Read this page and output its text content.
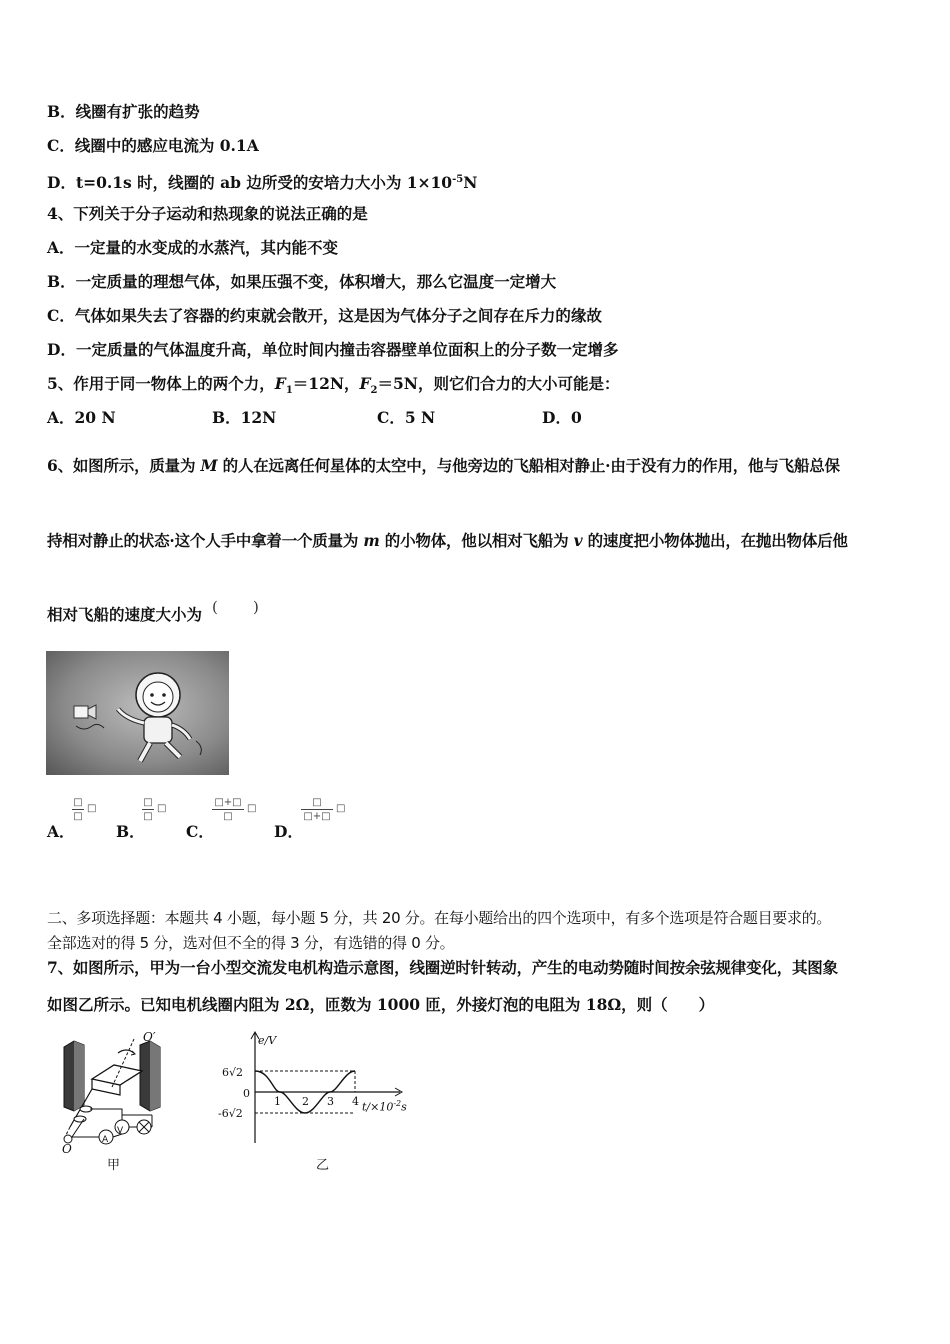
B．线圈有扩张的趋势
C．线圈中的感应电流为 0.1A
D．t=0.1s 时，线圈的 ab 边所受的安培力大小为 $1\times 10^{-5}N$
4、下列关于分子运动和热现象的说法正确的是
A．一定量的水变成的水蒸汽，其内能不变
B．一定质量的理想气体，如果压强不变，体积增大，那么它温度一定增大
C．气体如果失去了容器的约束就会散开，这是因为气体分子之间存在斥力的缘故
D．一定质量的气体温度升高，单位时间内撞击容器壁单位面积上的分子数一定增多
5、作用于同一物体上的两个力，$F_1=12N$，$F_2=5N$，则它们合力的大小可能是：
A．20 N	B．12N	C．5 N	D．0
6、如图所示，质量为 M 的人在远离任何星体的太空中，与他旁边的飞船相对静止·由于没有力的作用，他与飞船总保
持相对静止的状态·这个人手中拿着一个质量为 m 的小物体，他以相对飞船为 v 的速度把小物体抛出，在抛出物体后他
相对飞船的速度大小为 ( )
A．
□
□
□
B．
□
□
□
C．
□+□
□
□
D．
□
□+□
□
二、多项选择题：本题共 4 小题，每小题 5 分，共 20 分。在每小题给出的四个选项中，有多个选项是符合题目要求的。
全部选对的得 5 分，选对但不全的得 3 分，有选错的得 0 分。
7、如图所示，甲为一台小型交流发电机构造示意图，线圈逆时针转动，产生的电动势随时间按余弦规律变化，其图象
如图乙所示。已知电机线圈内阻为 2Ω，匝数为 1000 匝，外接灯泡的电阻为 18Ω，则（　　）
V
A
O
O′
甲
e/V
6√2
0
-6√2
1 2 3 4 $t/\times 10^{-2}s$
乙
